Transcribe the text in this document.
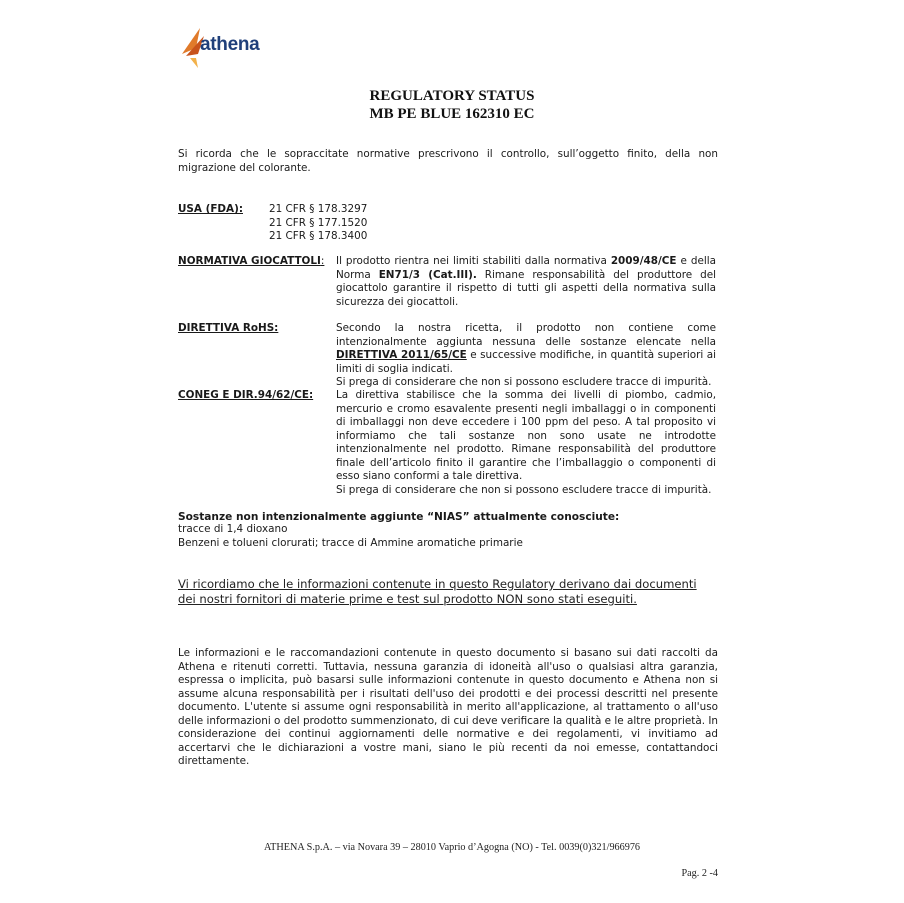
athena
REGULATORY STATUS
MB PE BLUE 162310 EC
Si ricorda che le sopraccitate normative prescrivono il controllo, sull’oggetto finito, della non migrazione del colorante.
USA (FDA):	21 CFR § 178.3297
21 CFR § 177.1520
21 CFR § 178.3400
NORMATIVA GIOCATTOLI: Il prodotto rientra nei limiti stabiliti dalla normativa 2009/48/CE e della Norma EN71/3 (Cat.III). Rimane responsabilità del produttore del giocattolo garantire il rispetto di tutti gli aspetti della normativa sulla sicurezza dei giocattoli.
DIRETTIVA RoHS:	Secondo la nostra ricetta, il prodotto non contiene come intenzionalmente aggiunta nessuna delle sostanze elencate nella DIRETTIVA 2011/65/CE e successive modifiche, in quantità superiori ai limiti di soglia indicati.
Si prega di considerare che non si possono escludere tracce di impurità.
CONEG E DIR.94/62/CE: La direttiva stabilisce che la somma dei livelli di piombo, cadmio, mercurio e cromo esavalente presenti negli imballaggi o in componenti di imballaggi non deve eccedere i 100 ppm del peso. A tal proposito vi informiamo che tali sostanze non sono usate ne introdotte intenzionalmente nel prodotto. Rimane responsabilità del produttore finale dell’articolo finito il garantire che l’imballaggio o componenti di esso siano conformi a tale direttiva.
Si prega di considerare che non si possono escludere tracce di impurità.
Sostanze non intenzionalmente aggiunte “NIAS” attualmente conosciute:
tracce di 1,4 dioxano
Benzeni e tolueni clorurati; tracce di Ammine aromatiche primarie
Vi ricordiamo che le informazioni contenute in questo Regulatory derivano dai documenti dei nostri fornitori di materie prime e test sul prodotto NON sono stati eseguiti.
Le informazioni e le raccomandazioni contenute in questo documento si basano sui dati raccolti da Athena e ritenuti corretti. Tuttavia, nessuna garanzia di idoneità all'uso o qualsiasi altra garanzia, espressa o implicita, può basarsi sulle informazioni contenute in questo documento e Athena non si assume alcuna responsabilità per i risultati dell'uso dei prodotti e dei processi descritti nel presente documento. L'utente si assume ogni responsabilità in merito all'applicazione, al trattamento o all'uso delle informazioni o del prodotto summenzionato, di cui deve verificare la qualità e le altre proprietà. In considerazione dei continui aggiornamenti delle normative e dei regolamenti, vi invitiamo ad accertarvi che le dichiarazioni a vostre mani, siano le più recenti da noi emesse, contattandoci direttamente.
ATHENA S.p.A. – via Novara 39 – 28010 Vaprio d’Agogna (NO) - Tel. 0039(0)321/966976
Pag. 2 -4
